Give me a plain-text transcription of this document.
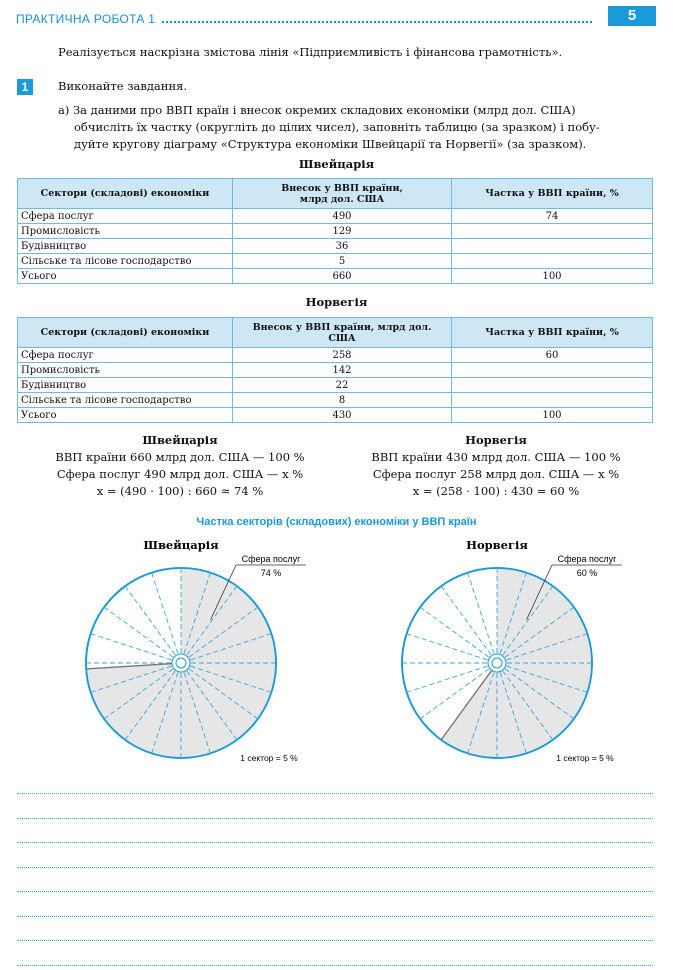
ПРАКТИЧНА РОБОТА 1	5
Реалізується наскрізна змістова лінія «Підприємливість і фінансова грамотність».
1	Виконайте завдання.
а) За даними про ВВП країн і внесок окремих складових економіки (млрд дол. США)
обчисліть їх частку (округліть до цілих чисел), заповніть таблицю (за зразком) і побу-
дуйте кругову діаграму «Структура економіки Швейцарії та Норвегії» (за зразком).
Швейцарія
Сектори (складові) економіки	Внесок у ВВП країни,
млрд дол. США	Частка у ВВП країни, %
Сфера послуг	490	74
Промисловість	129	
Будівництво	36	
Сільське та лісове господарство	5	
Усього	660	100
Норвегія
Сектори (складові) економіки	Внесок у ВВП країни, млрд дол.
США	Частка у ВВП країни, %
Сфера послуг	258	60
Промисловість	142	
Будівництво	22	
Сільське та лісове господарство	8	
Усього	430	100
Швейцарія
ВВП країни 660 млрд дол. США — 100 %
Сфера послуг 490 млрд дол. США — x %
x = (490 · 100) : 660 ≈ 74 %
Норвегія
ВВП країни 430 млрд дол. США — 100 %
Сфера послуг 258 млрд дол. США — x %
x = (258 · 100) : 430 = 60 %
Частка секторів (складових) економіки у ВВП країн
Швейцарія
Сфера послуг
74 %
1 сектор = 5 %
Норвегія
Сфера послуг
60 %
1 сектор = 5 %
